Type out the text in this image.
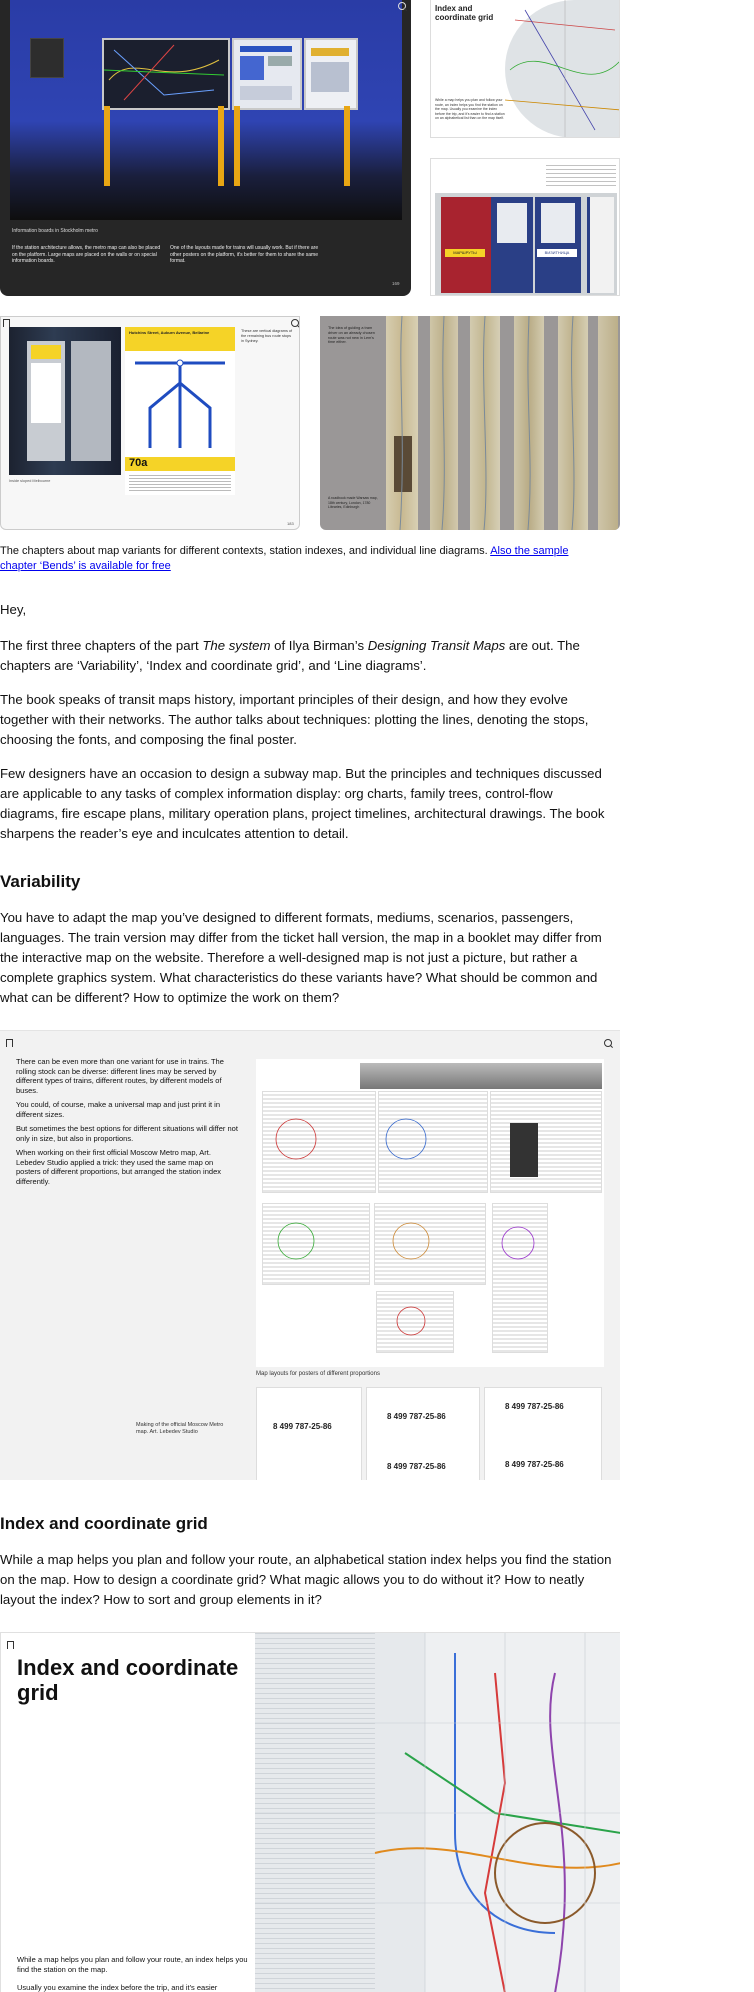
Information boards in Stockholm metro
If the station architecture allows, the metro map can also be placed on the platform. Large maps are placed on the walls or on special information boards.
One of the layouts made for trains will usually work. But if there are other posters on the platform, it's better for them to share the same format.
169
Index and coordinate grid
While a map helps you plan and follow your route, an index helps you find the station on the map. Usually you examine the index before the trip, and it's easier to find a station on an alphabetical list than on the map itself.
МАРШРУТЫ	ВИЗИТНИЦА
Hutchins Street, Auburn Avenue, Bellarine
70a
These are vertical diagrams of the remaining bus route stops in Sydney.
Inside sloped Melbourne
183
The idea of guiding a tram driver on an already chosen route was not new in Lem's time either.
A roadbook made Warsaw map, 18th century, London, 1780 Libraries, Edinburgh
The chapters about map variants for different contexts, station indexes, and individual line diagrams. Also the sample chapter ‘Bends’ is available for free

Hey,

The first three chapters of the part The system of Ilya Birman’s Designing Transit Maps are out. The chapters are ‘Variability’, ‘Index and coordinate grid’, and ‘Line diagrams’.

The book speaks of transit maps history, important principles of their design, and how they evolve together with their networks. The author talks about techniques: plotting the lines, denoting the stops, choosing the fonts, and composing the final poster.

Few designers have an occasion to design a subway map. But the principles and techniques discussed are applicable to any tasks of complex information display: org charts, family trees, control-flow diagrams, fire escape plans, military operation plans, project timelines, architectural drawings. The book sharpens the reader’s eye and inculcates attention to detail.

Variability

You have to adapt the map you’ve designed to different formats, mediums, scenarios, passengers, languages. The train version may differ from the ticket hall version, the map in a booklet may differ from the interactive map on the website. Therefore a well-designed map is not just a picture, but rather a complete graphics system. What characteristics do these variants have? What should be common and what can be different? How to optimize the work on them?

There can be even more than one variant for use in trains. The rolling stock can be diverse: different lines may be served by different types of trains, different routes, by different models of buses.
You could, of course, make a universal map and just print it in different sizes.
But sometimes the best options for different situations will differ not only in size, but also in proportions.
When working on their first official Moscow Metro map, Art. Lebedev Studio applied a trick: they used the same map on posters of different proportions, but arranged the station index differently.
Making of the official Moscow Metro map. Art. Lebedev Studio
Map layouts for posters of different proportions
8 499 787-25-86
8 499 787-25-86
8 499 787-25-86
8 499 787-25-86
8 499 787-25-86
Index and coordinate grid

While a map helps you plan and follow your route, an alphabetical station index helps you find the station on the map. How to design a coordinate grid? What magic allows you to do without it? How to neatly layout the index? How to sort and group elements in it?

Index and coordinate grid
While a map helps you plan and follow your route, an index helps you find the station on the map.
Usually you examine the index before the trip, and it's easier
